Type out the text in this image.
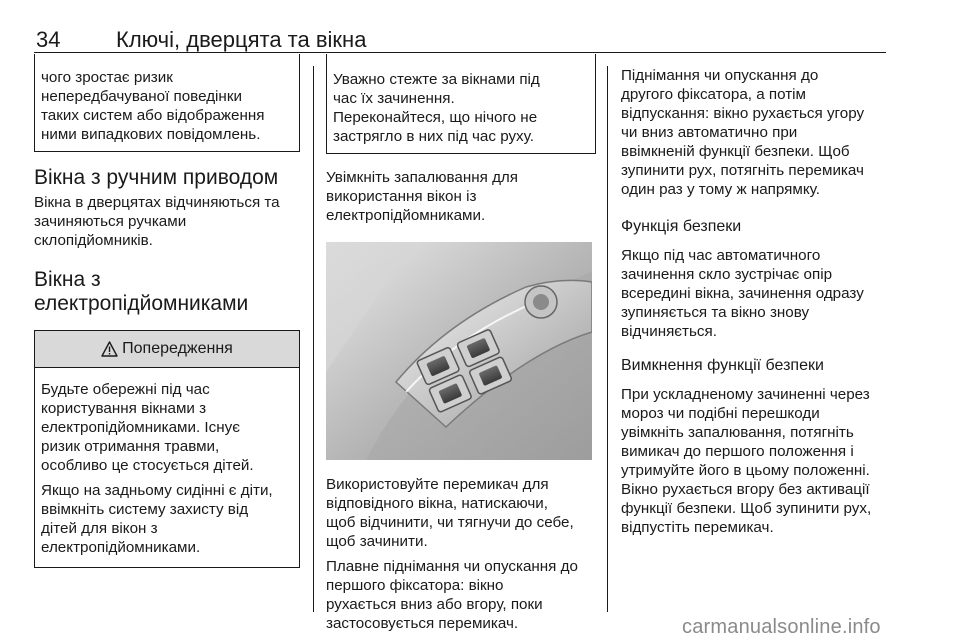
34	Ключі, дверцята та вікна

чого зростає ризик

непередбачуваної поведінки

таких систем або відображення

ними випадкових повідомлень.

Вікна з ручним приводом

Вікна в дверцятах відчиняються та

зачиняються ручками

склопідйомників.

Вікна з
електропідйомниками
Попередження

Будьте обережні під час

користування вікнами з

електропідйомниками. Існує

ризик отримання травми,

особливо це стосується дітей.

Якщо на задньому сидінні є діти,

ввімкніть систему захисту від

дітей для вікон з

електропідйомниками.

Уважно стежте за вікнами під

час їх зачинення.

Переконайтеся, що нічого не

застрягло в них під час руху.

Увімкніть запалювання для

використання вікон із

електропідйомниками.

Використовуйте перемикач для

відповідного вікна, натискаючи,

щоб відчинити, чи тягнучи до себе,

щоб зачинити.

Плавне піднімання чи опускання до

першого фіксатора: вікно

рухається вниз або вгору, поки

застосовується перемикач.

Піднімання чи опускання до

другого фіксатора, а потім

відпускання: вікно рухається угору

чи вниз автоматично при

ввімкненій функції безпеки. Щоб

зупинити рух, потягніть перемикач

один раз у тому ж напрямку.

Функція безпеки

Якщо під час автоматичного

зачинення скло зустрічає опір

всередині вікна, зачинення одразу

зупиняється та вікно знову

відчиняється.

Вимкнення функції безпеки

При ускладненому зачиненні через

мороз чи подібні перешкоди

увімкніть запалювання, потягніть

вимикач до першого положення і

утримуйте його в цьому положенні.

Вікно рухається вгору без активації

функції безпеки. Щоб зупинити рух,

відпустіть перемикач.

carmanualsonline.info
